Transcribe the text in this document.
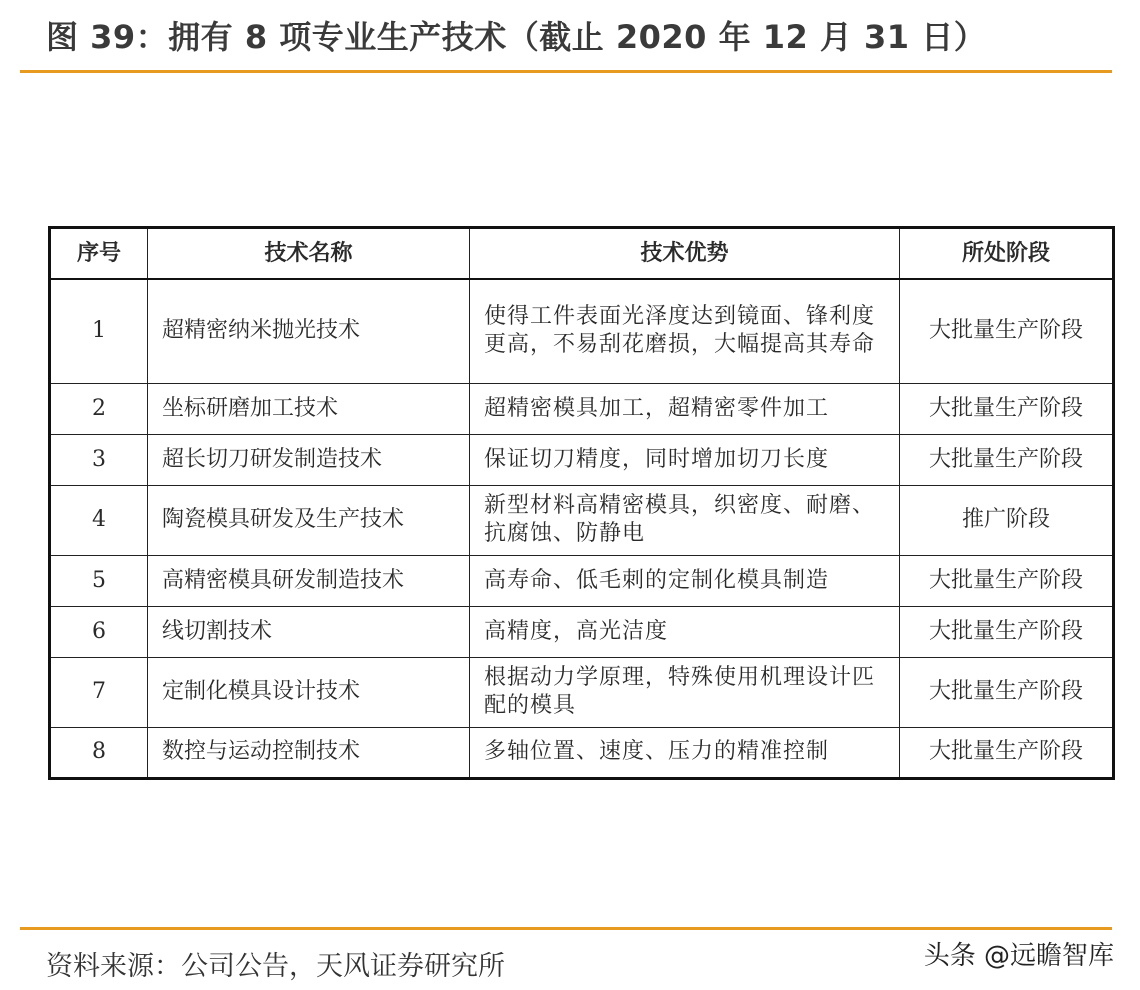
图 39：拥有 8 项专业生产技术（截止 2020 年 12 月 31 日）
序号	技术名称	技术优势	所处阶段
1	超精密纳米抛光技术	使得工件表面光泽度达到镜面、锋利度更高，不易刮花磨损，大幅提高其寿命	大批量生产阶段
2	坐标研磨加工技术	超精密模具加工，超精密零件加工	大批量生产阶段
3	超长切刀研发制造技术	保证切刀精度，同时增加切刀长度	大批量生产阶段
4	陶瓷模具研发及生产技术	新型材料高精密模具，织密度、耐磨、抗腐蚀、防静电	推广阶段
5	高精密模具研发制造技术	高寿命、低毛刺的定制化模具制造	大批量生产阶段
6	线切割技术	高精度，高光洁度	大批量生产阶段
7	定制化模具设计技术	根据动力学原理，特殊使用机理设计匹配的模具	大批量生产阶段
8	数控与运动控制技术	多轴位置、速度、压力的精准控制	大批量生产阶段
资料来源：公司公告，天风证券研究所	头条 @远瞻智库
